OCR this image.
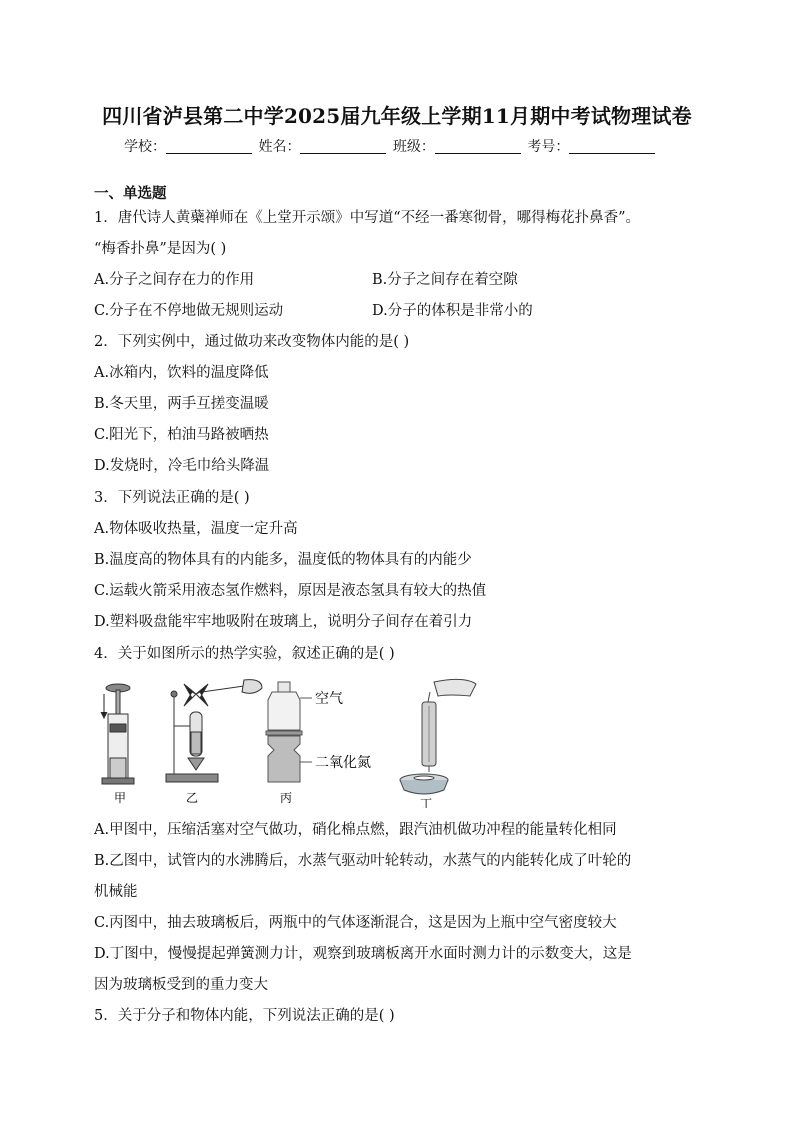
四川省泸县第二中学2025届九年级上学期11月期中考试物理试卷
学校：	姓名：	班级：	考号：
一、单选题
1．唐代诗人黄蘗禅师在《上堂开示颂》中写道“不经一番寒彻骨，哪得梅花扑鼻香”。
“梅香扑鼻”是因为( )
A.分子之间存在力的作用	B.分子之间存在着空隙
C.分子在不停地做无规则运动	D.分子的体积是非常小的
2．下列实例中，通过做功来改变物体内能的是( )
A.冰箱内，饮料的温度降低
B.冬天里，两手互搓变温暖
C.阳光下，柏油马路被晒热
D.发烧时，冷毛巾给头降温
3．下列说法正确的是( )
A.物体吸收热量，温度一定升高
B.温度高的物体具有的内能多，温度低的物体具有的内能少
C.运载火箭采用液态氢作燃料，原因是液态氢具有较大的热值
D.塑料吸盘能牢牢地吸附在玻璃上，说明分子间存在着引力
4．关于如图所示的热学实验，叙述正确的是( )
甲	乙
空气
二氧化氮
丙	丁
A.甲图中，压缩活塞对空气做功，硝化棉点燃，跟汽油机做功冲程的能量转化相同
B.乙图中，试管内的水沸腾后，水蒸气驱动叶轮转动，水蒸气的内能转化成了叶轮的
机械能
C.丙图中，抽去玻璃板后，两瓶中的气体逐渐混合，这是因为上瓶中空气密度较大
D.丁图中，慢慢提起弹簧测力计，观察到玻璃板离开水面时测力计的示数变大，这是
因为玻璃板受到的重力变大
5．关于分子和物体内能，下列说法正确的是( )
